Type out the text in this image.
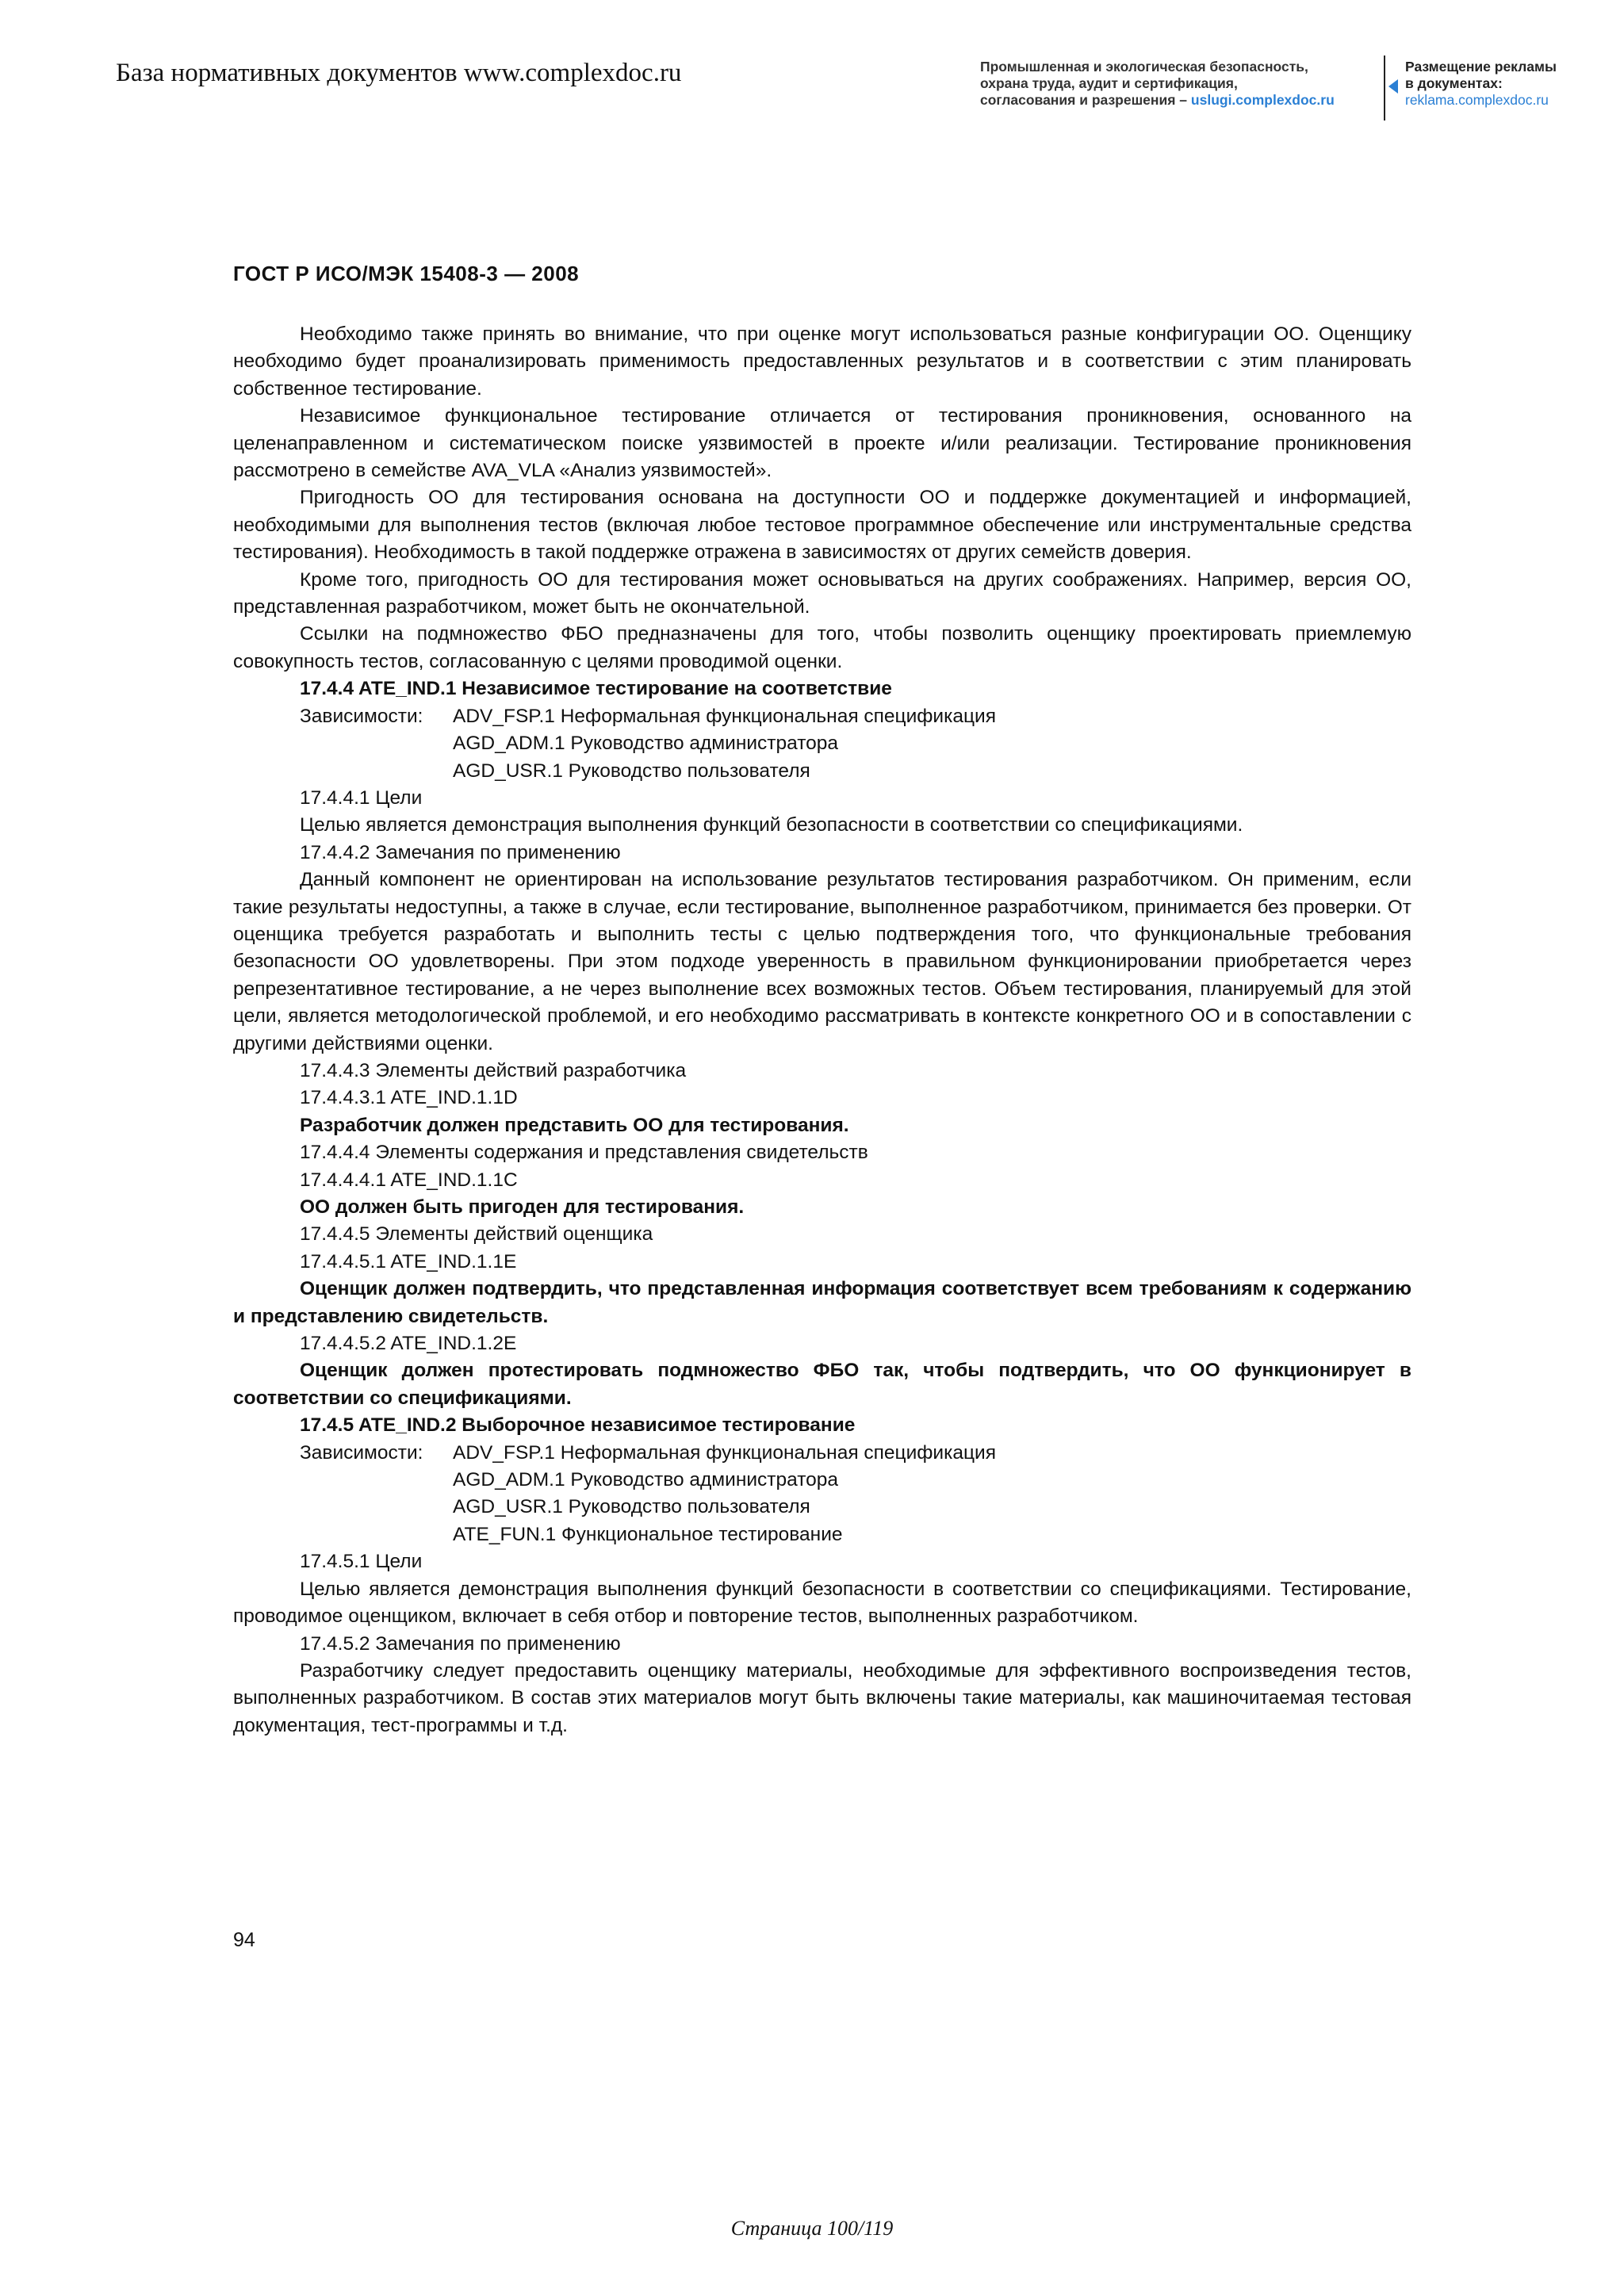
База нормативных документов www.complexdoc.ru	Промышленная и экологическая безопасность,
охрана труда, аудит и сертификация,
согласования и разрешения – uslugi.complexdoc.ru
Размещение рекламы
в документах:
reklama.complexdoc.ru
ГОСТ Р ИСО/МЭК 15408-3 — 2008

Необходимо также принять во внимание, что при оценке могут использоваться разные конфигурации ОО. Оценщику необходимо будет проанализировать применимость предоставленных результатов и в соответствии с этим планировать собственное тестирование.

Независимое функциональное тестирование отличается от тестирования проникновения, основанного на целенаправленном и систематическом поиске уязвимостей в проекте и/или реализации. Тестирование проникновения рассмотрено в семействе AVA_VLA «Анализ уязвимостей».

Пригодность ОО для тестирования основана на доступности ОО и поддержке документацией и информацией, необходимыми для выполнения тестов (включая любое тестовое программное обеспечение или инструментальные средства тестирования). Необходимость в такой поддержке отражена в зависимостях от других семейств доверия.

Кроме того, пригодность ОО для тестирования может основываться на других соображениях. Например, версия ОО, представленная разработчиком, может быть не окончательной.

Ссылки на подмножество ФБО предназначены для того, чтобы позволить оценщику проектировать приемлемую совокупность тестов, согласованную с целями проводимой оценки.

17.4.4 ATE_IND.1 Независимое тестирование на соответствие

Зависимости:	ADV_FSP.1 Неформальная функциональная спецификация
AGD_ADM.1 Руководство администратора
AGD_USR.1 Руководство пользователя

17.4.4.1 Цели

Целью является демонстрация выполнения функций безопасности в соответствии со спецификациями.

17.4.4.2 Замечания по применению

Данный компонент не ориентирован на использование результатов тестирования разработчиком. Он применим, если такие результаты недоступны, а также в случае, если тестирование, выполненное разработчиком, принимается без проверки. От оценщика требуется разработать и выполнить тесты с целью подтверждения того, что функциональные требования безопасности ОО удовлетворены. При этом подходе уверенность в правильном функционировании приобретается через репрезентативное тестирование, а не через выполнение всех возможных тестов. Объем тестирования, планируемый для этой цели, является методологической проблемой, и его необходимо рассматривать в контексте конкретного ОО и в сопоставлении с другими действиями оценки.

17.4.4.3 Элементы действий разработчика

17.4.4.3.1 ATE_IND.1.1D

Разработчик должен представить ОО для тестирования.

17.4.4.4 Элементы содержания и представления свидетельств

17.4.4.4.1 ATE_IND.1.1C

ОО должен быть пригоден для тестирования.

17.4.4.5 Элементы действий оценщика

17.4.4.5.1 ATE_IND.1.1E

Оценщик должен подтвердить, что представленная информация соответствует всем требованиям к содержанию и представлению свидетельств.

17.4.4.5.2 ATE_IND.1.2E

Оценщик должен протестировать подмножество ФБО так, чтобы подтвердить, что ОО функционирует в соответствии со спецификациями.

17.4.5 ATE_IND.2 Выборочное независимое тестирование

Зависимости:	ADV_FSP.1 Неформальная функциональная спецификация
AGD_ADM.1 Руководство администратора
AGD_USR.1 Руководство пользователя
ATE_FUN.1 Функциональное тестирование

17.4.5.1 Цели

Целью является демонстрация выполнения функций безопасности в соответствии со спецификациями. Тестирование, проводимое оценщиком, включает в себя отбор и повторение тестов, выполненных разработчиком.

17.4.5.2 Замечания по применению

Разработчику следует предоставить оценщику материалы, необходимые для эффективного воспроизведения тестов, выполненных разработчиком. В состав этих материалов могут быть включены такие материалы, как машиночитаемая тестовая документация, тест-программы и т.д.

94
Страница 100/119
